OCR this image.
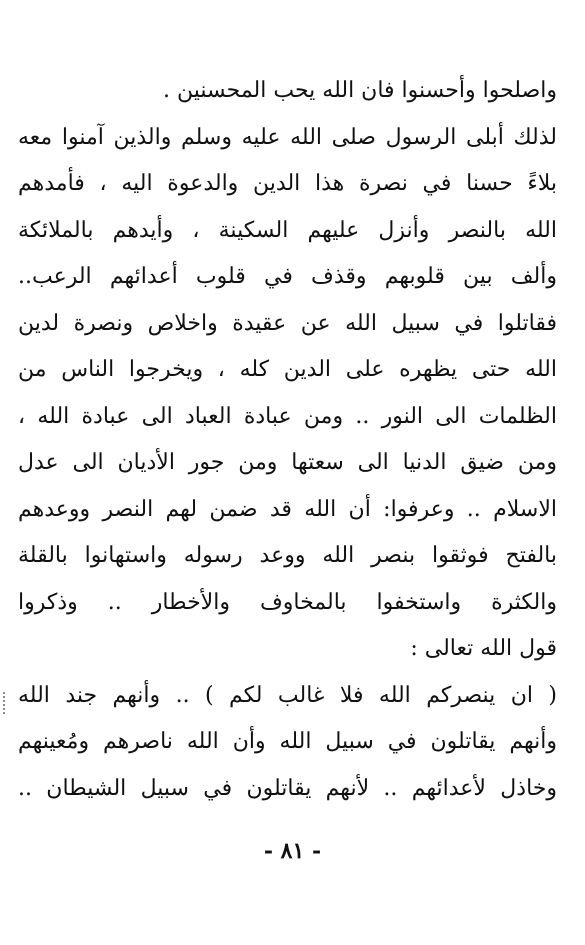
واصلحوا وأحسنوا فان الله يحب المحسنين .
لذلك أبلى الرسول صلى الله عليه وسلم والذين آمنوا معه
بلاءً حسنا في نصرة هذا الدين والدعوة اليه ، فأمدهم
الله بالنصر وأنزل عليهم السكينة ، وأيدهم بالملائكة
وألف بين قلوبهم وقذف في قلوب أعدائهم الرعب..
فقاتلوا في سبيل الله عن عقيدة واخلاص ونصرة لدين
الله حتى يظهره على الدين كله ، ويخرجوا الناس من
الظلمات الى النور .. ومن عبادة العباد الى عبادة الله ،
ومن ضيق الدنيا الى سعتها ومن جور الأديان الى عدل
الاسلام .. وعرفوا: أن الله قد ضمن لهم النصر ووعدهم
بالفتح فوثقوا بنصر الله ووعد رسوله واستهانوا بالقلة
والكثرة واستخفوا بالمخاوف والأخطار .. وذكروا
قول الله تعالى :
( ان ينصركم الله فلا غالب لكم ) .. وأنهم جند الله
وأنهم يقاتلون في سبيل الله وأن الله ناصرهم ومُعينهم
وخاذل لأعدائهم .. لأنهم يقاتلون في سبيل الشيطان ..
- ٨١ -
